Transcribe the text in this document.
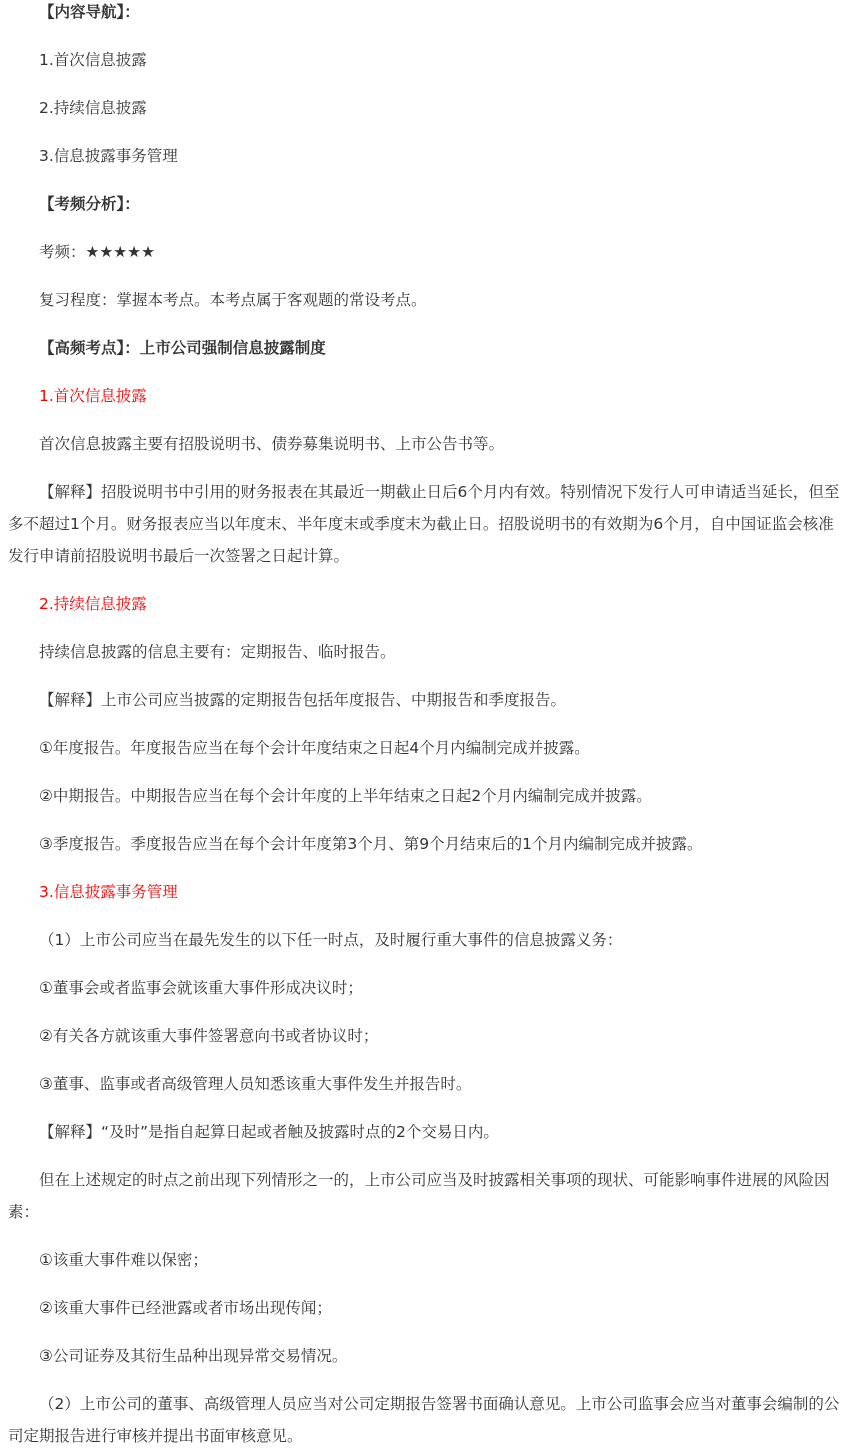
【内容导航】：

1.首次信息披露

2.持续信息披露

3.信息披露事务管理

【考频分析】：

考频：★★★★★

复习程度：掌握本考点。本考点属于客观题的常设考点。

【高频考点】：上市公司强制信息披露制度

1.首次信息披露

首次信息披露主要有招股说明书、债券募集说明书、上市公告书等。

【解释】招股说明书中引用的财务报表在其最近一期截止日后6个月内有效。特别情况下发行人可申请适当延长，但至多不超过1个月。财务报表应当以年度末、半年度末或季度末为截止日。招股说明书的有效期为6个月，自中国证监会核准发行申请前招股说明书最后一次签署之日起计算。

2.持续信息披露

持续信息披露的信息主要有：定期报告、临时报告。

【解释】上市公司应当披露的定期报告包括年度报告、中期报告和季度报告。

①年度报告。年度报告应当在每个会计年度结束之日起4个月内编制完成并披露。

②中期报告。中期报告应当在每个会计年度的上半年结束之日起2个月内编制完成并披露。

③季度报告。季度报告应当在每个会计年度第3个月、第9个月结束后的1个月内编制完成并披露。

3.信息披露事务管理

（1）上市公司应当在最先发生的以下任一时点，及时履行重大事件的信息披露义务：

①董事会或者监事会就该重大事件形成决议时；

②有关各方就该重大事件签署意向书或者协议时；

③董事、监事或者高级管理人员知悉该重大事件发生并报告时。

【解释】“及时”是指自起算日起或者触及披露时点的2个交易日内。

但在上述规定的时点之前出现下列情形之一的，上市公司应当及时披露相关事项的现状、可能影响事件进展的风险因素：

①该重大事件难以保密；

②该重大事件已经泄露或者市场出现传闻；

③公司证券及其衍生品种出现异常交易情况。

（2）上市公司的董事、高级管理人员应当对公司定期报告签署书面确认意见。上市公司监事会应当对董事会编制的公司定期报告进行审核并提出书面审核意见。
